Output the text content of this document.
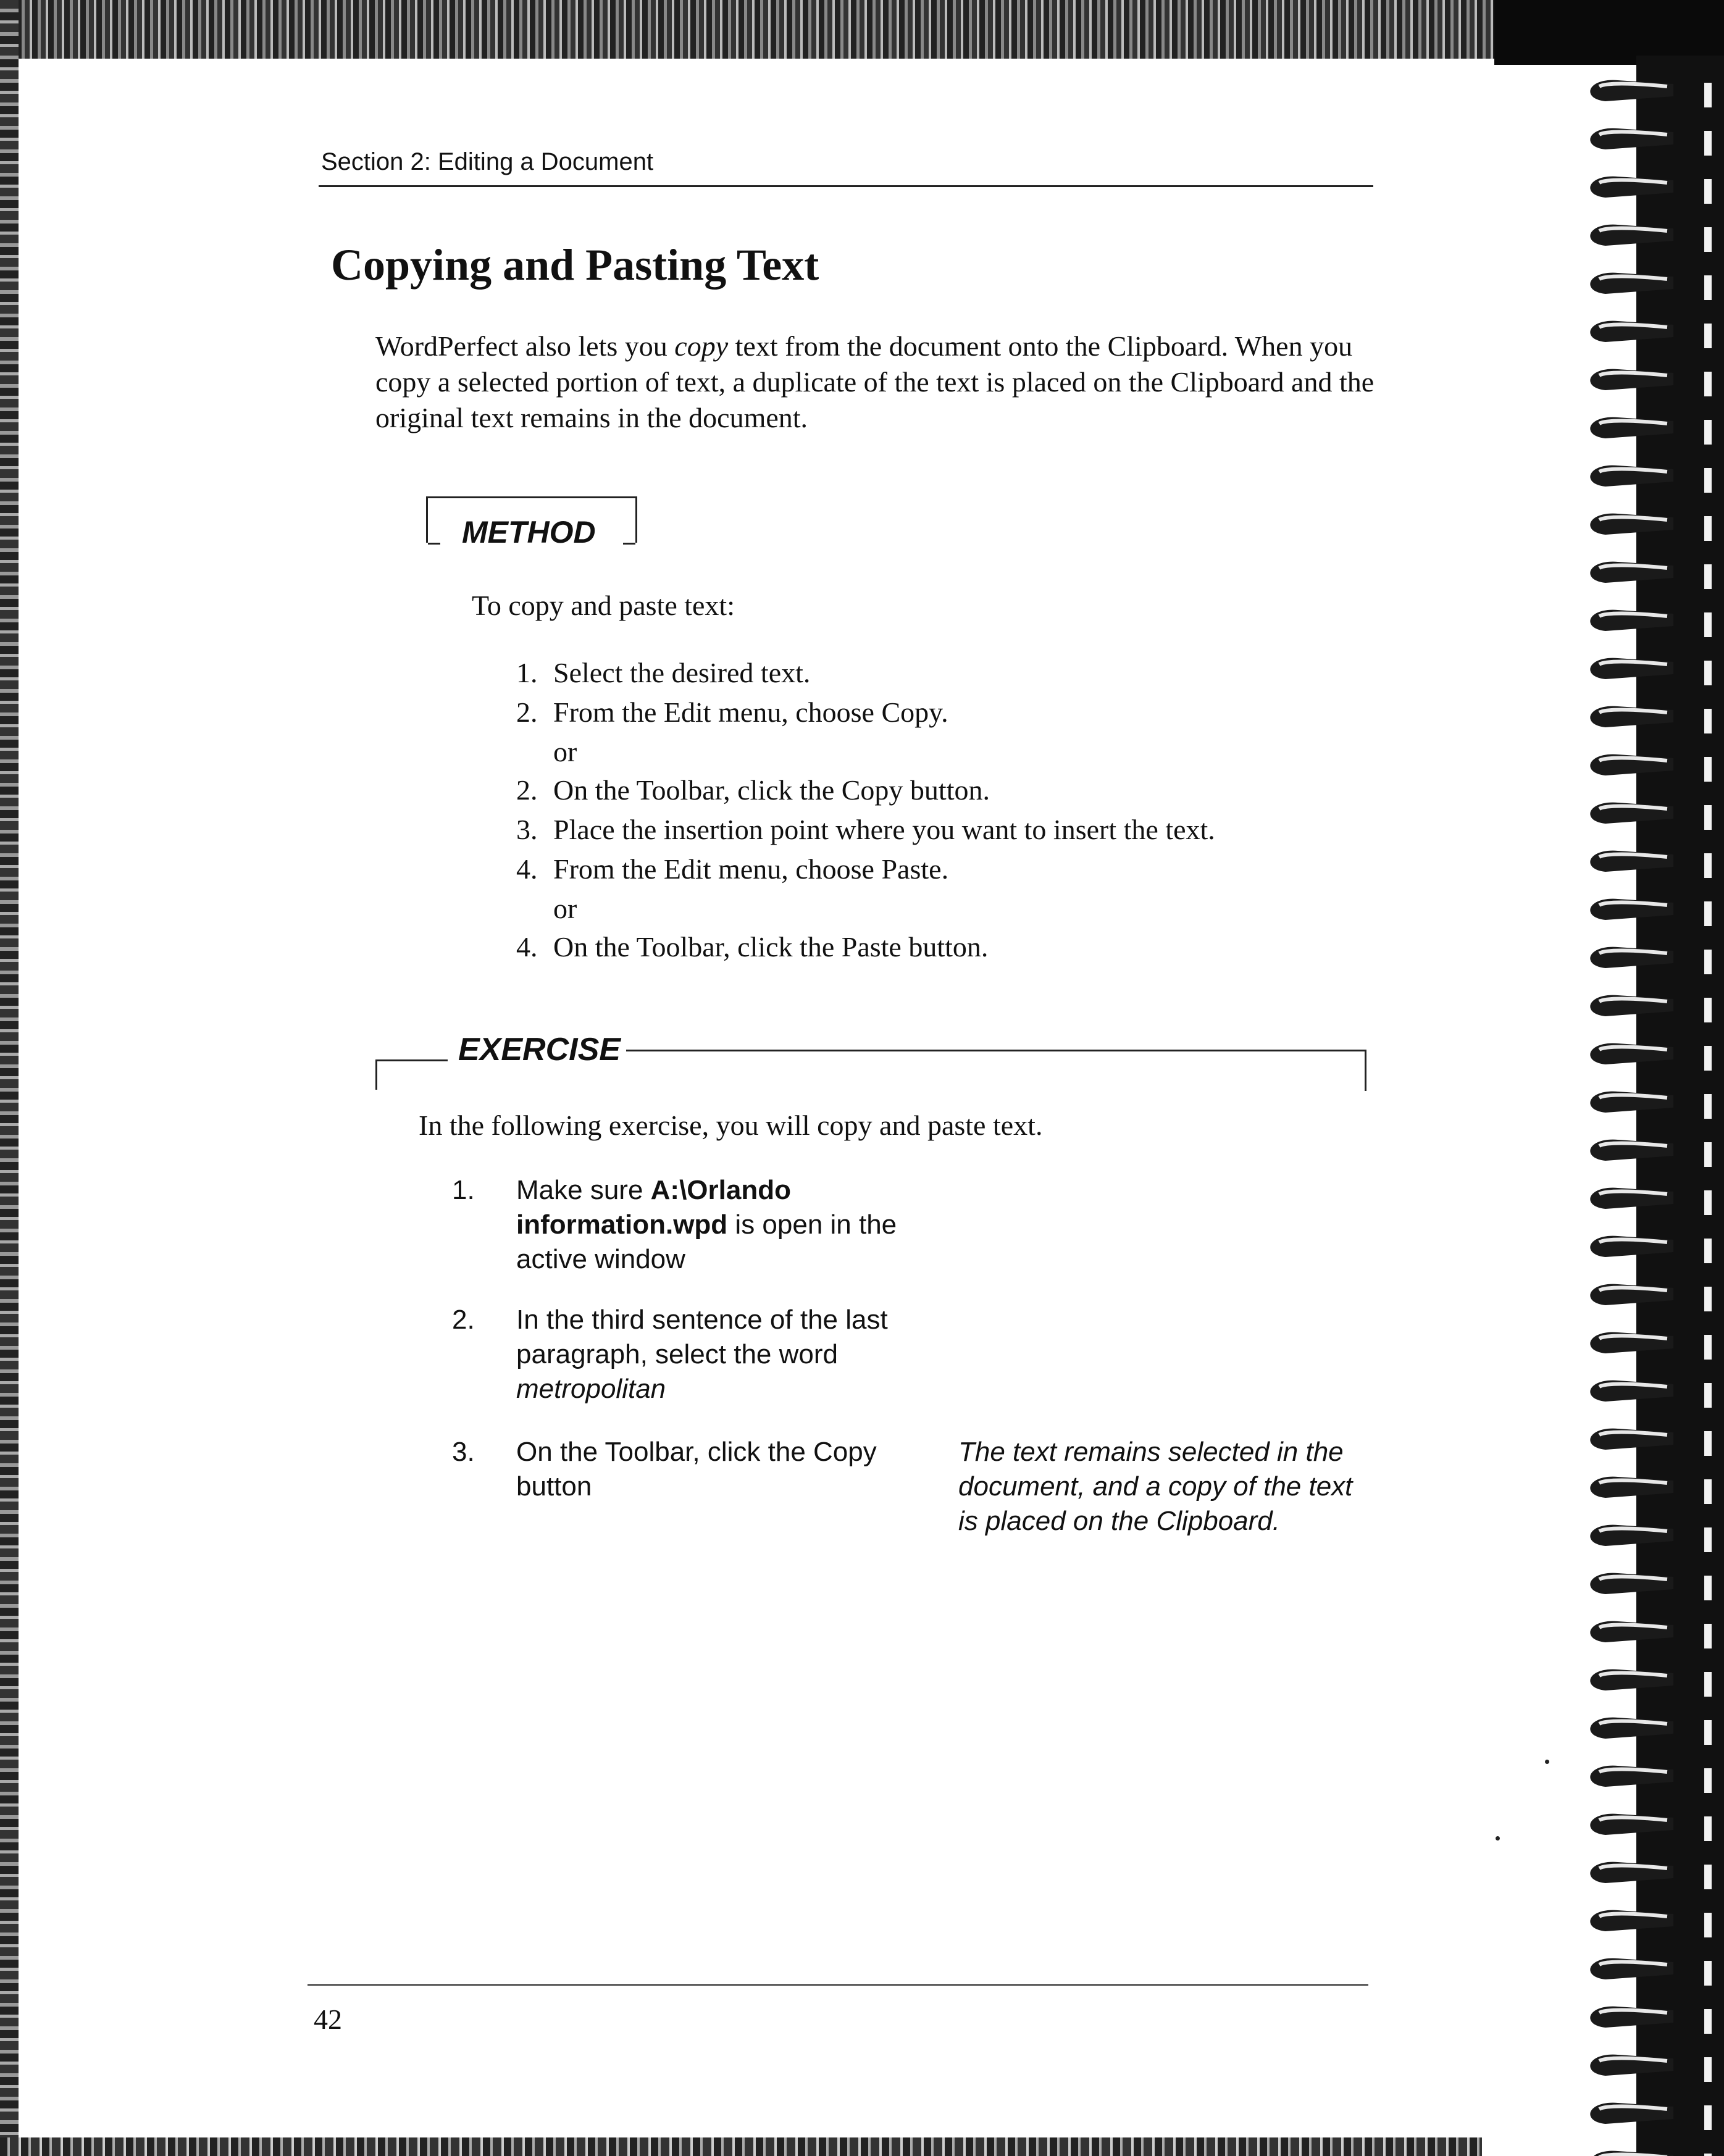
Section 2: Editing a Document
Copying and Pasting Text

WordPerfect also lets you copy text from the document onto the Clipboard. When you copy a selected portion of text, a duplicate of the text is placed on the Clipboard and the original text remains in the document.

METHOD

To copy and paste text:

1. Select the desired text.
2. From the Edit menu, choose Copy.
or
2. On the Toolbar, click the Copy button.
3. Place the insertion point where you want to insert the text.
4. From the Edit menu, choose Paste.
or
4. On the Toolbar, click the Paste button.
EXERCISE

In the following exercise, you will copy and paste text.

1. Make sure A:\Orlando information.wpd is open in the active window
2. In the third sentence of the last paragraph, select the word metropolitan
3. On the Toolbar, click the Copy button
The text remains selected in the document, and a copy of the text is placed on the Clipboard.
42
